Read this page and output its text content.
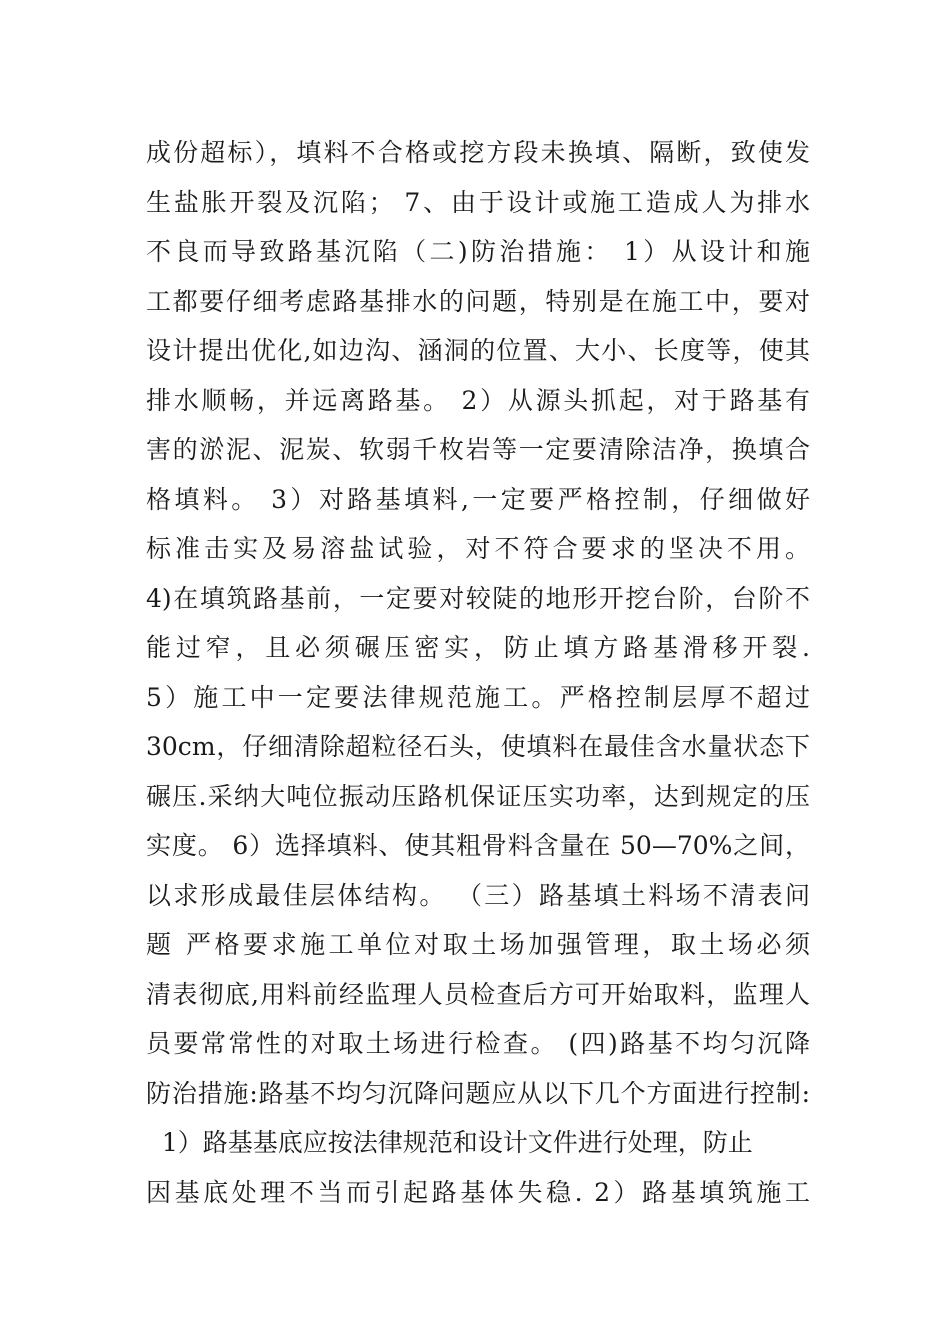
成份超标），填料不合格或挖方段未换填、隔断，致使发
生盐胀开裂及沉陷； 7、由于设计或施工造成人为排水
不良而导致路基沉陷（二)防治措施： 1）从设计和施
工都要仔细考虑路基排水的问题，特别是在施工中，要对
设计提出优化,如边沟、涵洞的位置、大小、长度等，使其
排水顺畅，并远离路基。 2）从源头抓起，对于路基有
害的淤泥、泥炭、软弱千枚岩等一定要清除洁净，换填合
格填料。 3）对路基填料,一定要严格控制，仔细做好
标准击实及易溶盐试验，对不符合要求的坚决不用。
4)在填筑路基前，一定要对较陡的地形开挖台阶，台阶不
能过窄，且必须碾压密实，防止填方路基滑移开裂.
5）施工中一定要法律规范施工。严格控制层厚不超过
30cm，仔细清除超粒径石头，使填料在最佳含水量状态下
碾压.采纳大吨位振动压路机保证压实功率，达到规定的压
实度。 6）选择填料、使其粗骨料含量在 50—70%之间，
以求形成最佳层体结构。 （三）路基填土料场不清表问
题 严格要求施工单位对取土场加强管理，取土场必须
清表彻底,用料前经监理人员检查后方可开始取料，监理人
员要常常性的对取土场进行检查。 (四)路基不均匀沉降
防治措施:路基不均匀沉降问题应从以下几个方面进行控制:
1）路基基底应按法律规范和设计文件进行处理，防止
因基底处理不当而引起路基体失稳. 2）路基填筑施工
